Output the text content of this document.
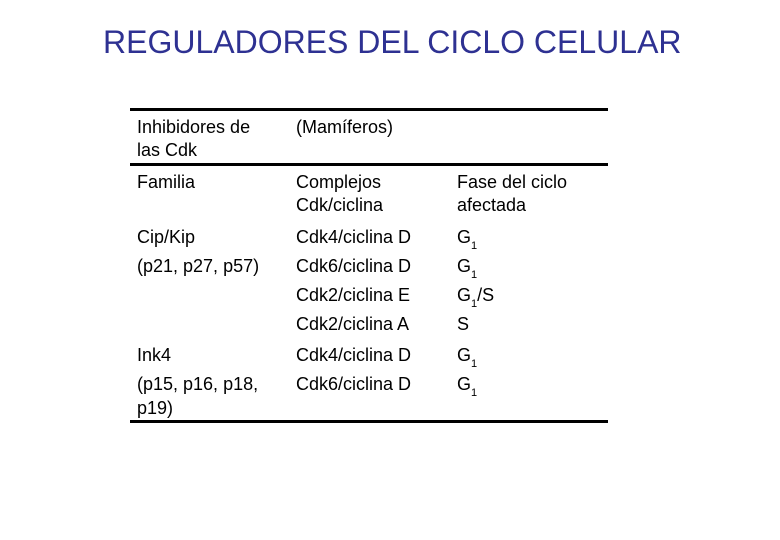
REGULADORES DEL CICLO CELULAR
Inhibidores de
las Cdk
(Mamíferos)
Familia	Complejos
Cdk/ciclina
Fase del ciclo
afectada
Cip/Kip
(p21, p27, p57)
Cdk4/ciclina D
Cdk6/ciclina D
Cdk2/ciclina E
Cdk2/ciclina A
$G_1$
$G_1$
$G_1/S$
S
Ink4
(p15, p16, p18,
p19)
Cdk4/ciclina D
Cdk6/ciclina D
$G_1$
$G_1$
